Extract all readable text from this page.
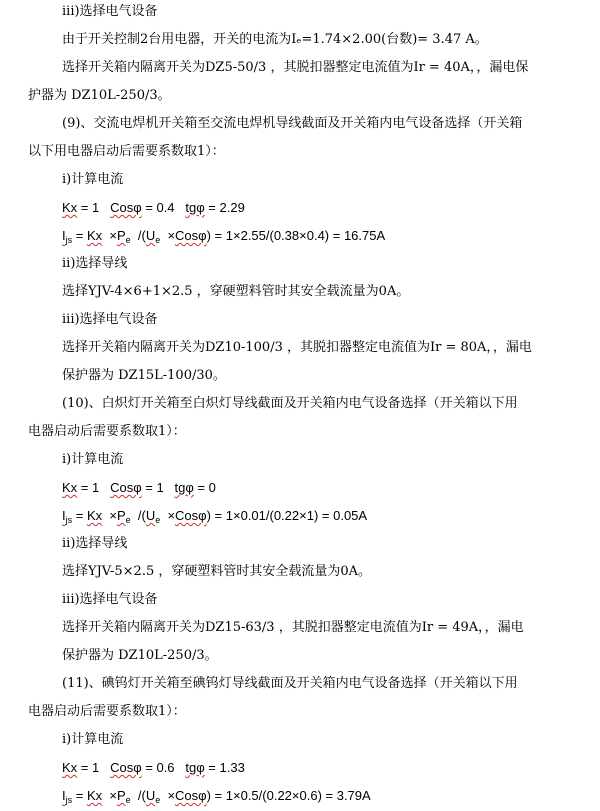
iii)选择电气设备
由于开关控制2台用电器，开关的电流为Iₑ=1.74×2.00(台数)= 3.47 A。
选择开关箱内隔离开关为DZ5-50/3 ，其脱扣器整定电流值为Ir = 40A，，漏电保
护器为 DZ10L-250/3。
(9)、交流电焊机开关箱至交流电焊机导线截面及开关箱内电气设备选择（开关箱
以下用电器启动后需要系数取1）：
i)计算电流
ii)选择导线
选择YJV-4×6+1×2.5 ，穿硬塑料管时其安全载流量为0A。
iii)选择电气设备
选择开关箱内隔离开关为DZ10-100/3 ，其脱扣器整定电流值为Ir = 80A，，漏电
保护器为 DZ15L-100/30。
(10)、白炽灯开关箱至白炽灯导线截面及开关箱内电气设备选择（开关箱以下用
电器启动后需要系数取1）：
i)计算电流
ii)选择导线
选择YJV-5×2.5 ，穿硬塑料管时其安全载流量为0A。
iii)选择电气设备
选择开关箱内隔离开关为DZ15-63/3 ，其脱扣器整定电流值为Ir = 49A，，漏电
保护器为 DZ10L-250/3。
(11)、碘钨灯开关箱至碘钨灯导线截面及开关箱内电气设备选择（开关箱以下用
电器启动后需要系数取1）：
i)计算电流
Kx = 1 Cosφ = 0.4 tgφ = 2.29
$I_{js} = Kx \times P_e$  $/(U_e \times Cos\varphi) = 1\times 2.55/(0.38\times 0.4) = 16.75A$
Kx = 1 Cosφ = 1 tgφ = 0
$I_{js} = Kx \times P_e$  $/(U_e \times Cos\varphi) = 1\times 0.01/(0.22\times 1) = 0.05A$
Kx = 1 Cosφ = 0.6 tgφ = 1.33
$I_{js} = Kx \times P_e$  $/(U_e \times Cos\varphi) = 1\times 0.5/(0.22\times 0.6) = 3.79A$
